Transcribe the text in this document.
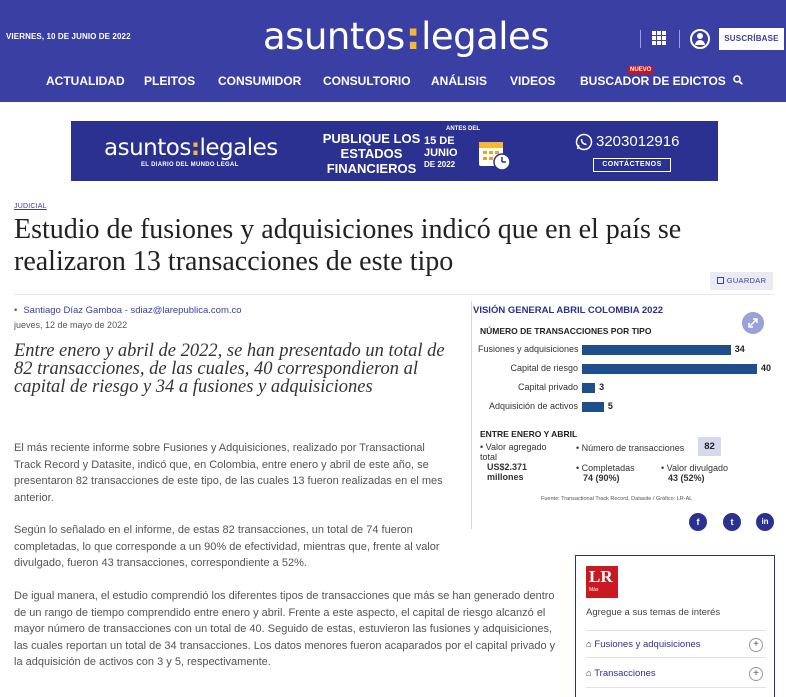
VIERNES, 10 DE JUNIO DE 2022	asuntos:legales	SUSCRÍBASE
ACTUALIDAD PLEITOS CONSUMIDOR CONSULTORIO ANÁLISIS VIDEOS BUSCADOR DE EDICTOS
NUEVO
asuntos:legales
EL DIARIO DEL MUNDO LEGAL
PUBLIQUE LOS
ESTADOS
FINANCIEROS
ANTES DEL
15 DE
JUNIO
DE 2022
3203012916
CONTÁCTENOS
JUDICIAL
Estudio de fusiones y adquisiciones indicó que en el país se realizaron 13 transacciones de este tipo
GUARDAR
• Santiago Díaz Gamboa - sdiaz@larepublica.com.co
jueves, 12 de mayo de 2022
Entre enero y abril de 2022, se han presentado un total de 82 transacciones, de las cuales, 40 correspondieron al capital de riesgo y 34 a fusiones y adquisiciones

El más reciente informe sobre Fusiones y Adquisiciones, realizado por Transactional Track Record y Datasite, indicó que, en Colombia, entre enero y abril de este año, se presentaron 82 transacciones de este tipo, de las cuales 13 fueron realizadas en el mes anterior.

Según lo señalado en el informe, de estas 82 transacciones, un total de 74 fueron completadas, lo que corresponde a un 90% de efectividad, mientras que, frente al valor divulgado, fueron 43 transacciones, correspondiente a 52%.

De igual manera, el estudio comprendió los diferentes tipos de transacciones que más se han generado dentro de un rango de tiempo comprendido entre enero y abril. Frente a este aspecto, el capital de riesgo alcanzó el mayor número de transacciones con un total de 40. Seguido de estas, estuvieron las fusiones y adquisiciones, las cuales reportan un total de 34 transacciones. Los datos menores fueron acaparados por el capital privado y la adquisición de activos con 3 y 5, respectivamente.

VISIÓN GENERAL ABRIL COLOMBIA 2022
NÚMERO DE TRANSACCIONES POR TIPO
Fusiones y adquisiciones	34
Capital de riesgo	40
Capital privado 3
Adquisición de activos	5
ENTRE ENERO Y ABRIL
• Valor agregado total
US$2.371 millones
• Número de transacciones	82
• Completadas
74 (90%)
• Valor divulgado
43 (52%)
Fuente: Transactional Track Record, Datasite / Gráfico: LR-AL
f	t	in
LR
Más
Agregue a sus temas de interés
⌂ Fusiones y adquisiciones	+
⌂ Transacciones	+
